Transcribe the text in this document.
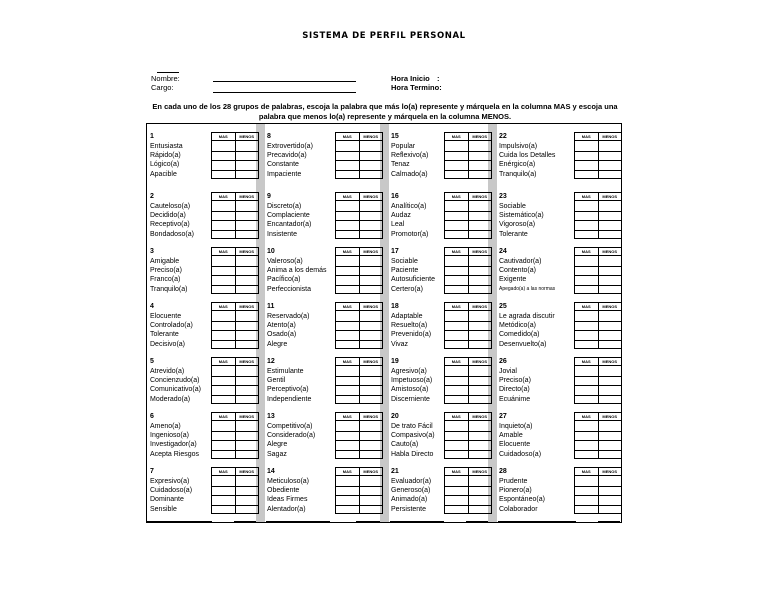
SISTEMA DE PERFIL PERSONAL
Nombre:
Cargo:
Hora Inicio :
Hora Termino:
En cada uno de los 28 grupos de palabras, escoja la palabra que más lo(a) represente y márquela en la columna MAS y escoja una palabra que menos lo(a) represente y márquela en la columna MENOS.
1
Entusiasta
Rápido(a)
Lógico(a)
Apacible
MAS	MENOS
2
Cauteloso(a)
Decidido(a)
Receptivo(a)
Bondadoso(a)
MAS	MENOS
3
Amigable
Preciso(a)
Franco(a)
Tranquilo(a)
MAS	MENOS
4
Elocuente
Controlado(a)
Tolerante
Decisivo(a)
MAS	MENOS
5
Atrevido(a)
Concienzudo(a)
Comunicativo(a)
Moderado(a)
MAS	MENOS
6
Ameno(a)
Ingenioso(a)
Investigador(a)
Acepta Riesgos
MAS	MENOS
7
Expresivo(a)
Cuidadoso(a)
Dominante
Sensible
MAS	MENOS
8
Extrovertido(a)
Precavido(a)
Constante
Impaciente
MAS	MENOS
9
Discreto(a)
Complaciente
Encantador(a)
Insistente
MAS	MENOS
10
Valeroso(a)
Anima a los demás
Pacífico(a)
Perfeccionista
MAS	MENOS
11
Reservado(a)
Atento(a)
Osado(a)
Alegre
MAS	MENOS
12
Estimulante
Gentil
Perceptivo(a)
Independiente
MAS	MENOS
13
Competitivo(a)
Considerado(a)
Alegre
Sagaz
MAS	MENOS
14
Meticuloso(a)
Obediente
Ideas Firmes
Alentador(a)
MAS	MENOS
15
Popular
Reflexivo(a)
Tenaz
Calmado(a)
MAS	MENOS
16
Analítico(a)
Audaz
Leal
Promotor(a)
MAS	MENOS
17
Sociable
Paciente
Autosuficiente
Certero(a)
MAS	MENOS
18
Adaptable
Resuelto(a)
Prevenido(a)
Vivaz
MAS	MENOS
19
Agresivo(a)
Impetuoso(a)
Amistoso(a)
Discerniente
MAS	MENOS
20
De trato Fácil
Compasivo(a)
Cauto(a)
Habla Directo
MAS	MENOS
21
Evaluador(a)
Generoso(a)
Animado(a)
Persistente
MAS	MENOS
22
Impulsivo(a)
Cuida los Detalles
Enérgico(a)
Tranquilo(a)
MAS	MENOS
23
Sociable
Sistemático(a)
Vigoroso(a)
Tolerante
MAS	MENOS
24
Cautivador(a)
Contento(a)
Exigente
Apegado(a) a las normas
MAS	MENOS
25
Le agrada discutir
Metódico(a)
Comedido(a)
Desenvuelto(a)
MAS	MENOS
26
Jovial
Preciso(a)
Directo(a)
Ecuánime
MAS	MENOS
27
Inquieto(a)
Amable
Elocuente
Cuidadoso(a)
MAS	MENOS
28
Prudente
Pionero(a)
Espontáneo(a)
Colaborador
MAS	MENOS
